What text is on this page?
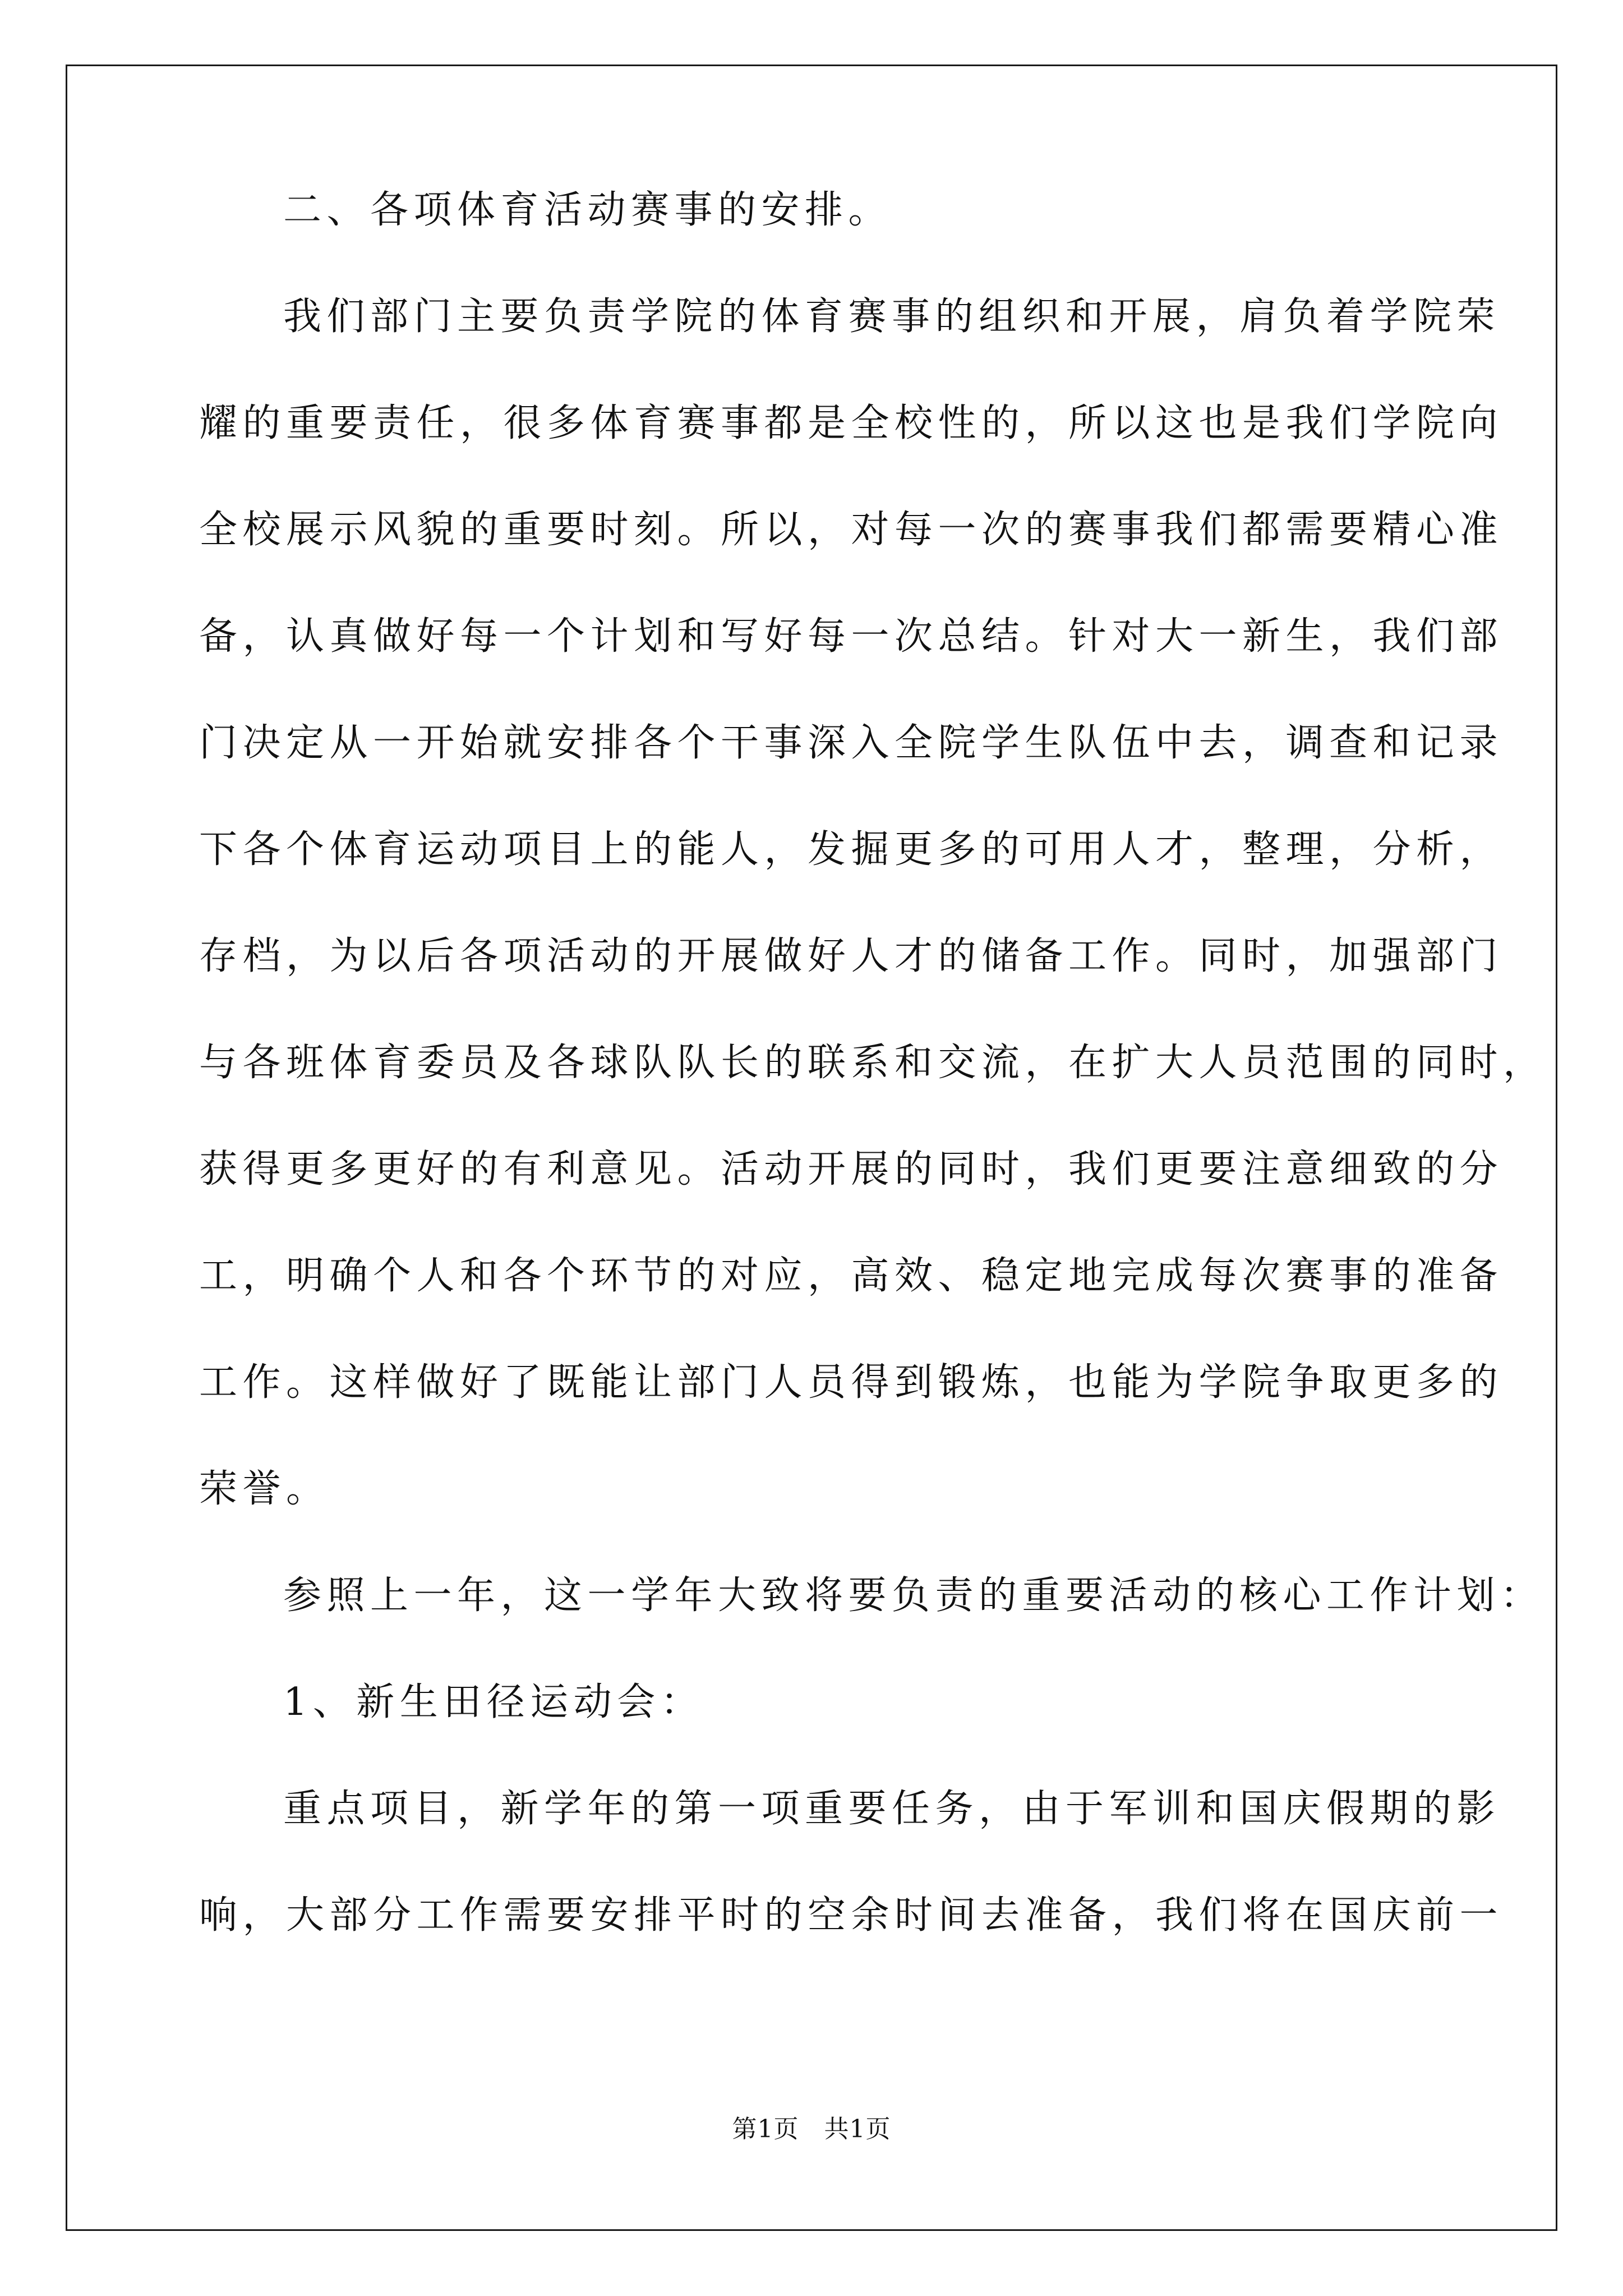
二、各项体育活动赛事的安排。
我们部门主要负责学院的体育赛事的组织和开展，肩负着学院荣
耀的重要责任，很多体育赛事都是全校性的，所以这也是我们学院向
全校展示风貌的重要时刻。所以，对每一次的赛事我们都需要精心准
备，认真做好每一个计划和写好每一次总结。针对大一新生，我们部
门决定从一开始就安排各个干事深入全院学生队伍中去，调查和记录
下各个体育运动项目上的能人，发掘更多的可用人才，整理，分析，
存档，为以后各项活动的开展做好人才的储备工作。同时，加强部门
与各班体育委员及各球队队长的联系和交流，在扩大人员范围的同时，
获得更多更好的有利意见。活动开展的同时，我们更要注意细致的分
工，明确个人和各个环节的对应，高效、稳定地完成每次赛事的准备
工作。这样做好了既能让部门人员得到锻炼，也能为学院争取更多的
荣誉。
参照上一年，这一学年大致将要负责的重要活动的核心工作计划：
1、新生田径运动会：
重点项目，新学年的第一项重要任务，由于军训和国庆假期的影
响，大部分工作需要安排平时的空余时间去准备，我们将在国庆前一
第1页 共1页
